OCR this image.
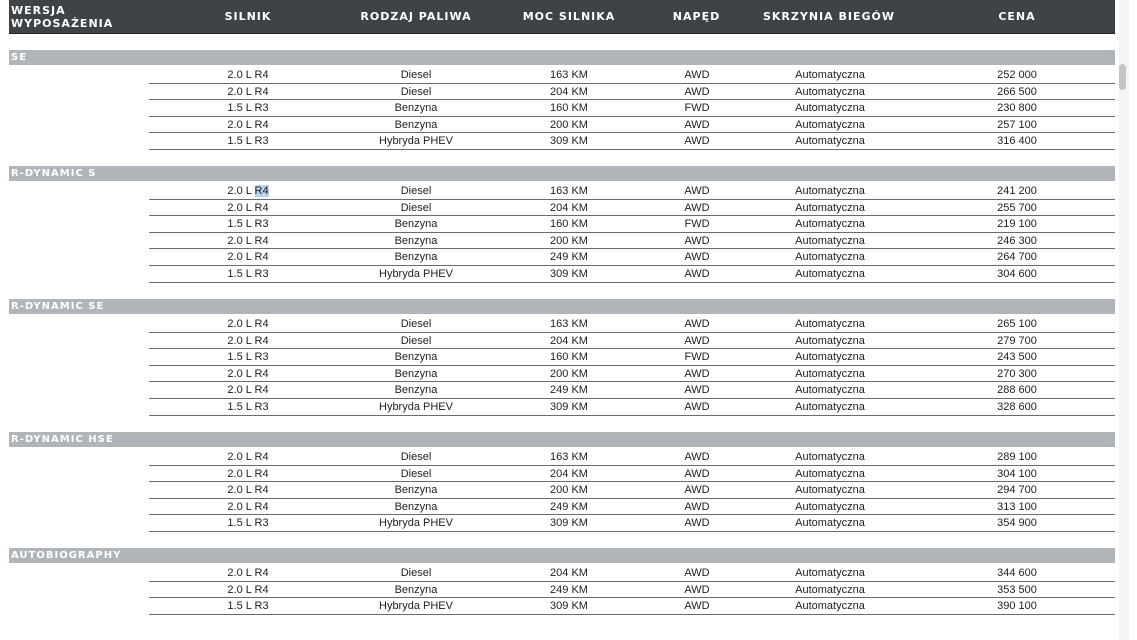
WERSJA WYPOSAŻENIA	SILNIK	RODZAJ PALIWA	MOC SILNIKA	NAPĘD	SKRZYNIA BIEGÓW	CENA
SE
2.0 L R4	Diesel	163 KM	AWD	Automatyczna	252 000
2.0 L R4	Diesel	204 KM	AWD	Automatyczna	266 500
1.5 L R3	Benzyna	160 KM	FWD	Automatyczna	230 800
2.0 L R4	Benzyna	200 KM	AWD	Automatyczna	257 100
1.5 L R3	Hybryda PHEV	309 KM	AWD	Automatyczna	316 400
R-DYNAMIC S
2.0 L R4	Diesel	163 KM	AWD	Automatyczna	241 200
2.0 L R4	Diesel	204 KM	AWD	Automatyczna	255 700
1.5 L R3	Benzyna	160 KM	FWD	Automatyczna	219 100
2.0 L R4	Benzyna	200 KM	AWD	Automatyczna	246 300
2.0 L R4	Benzyna	249 KM	AWD	Automatyczna	264 700
1.5 L R3	Hybryda PHEV	309 KM	AWD	Automatyczna	304 600
R-DYNAMIC SE
2.0 L R4	Diesel	163 KM	AWD	Automatyczna	265 100
2.0 L R4	Diesel	204 KM	AWD	Automatyczna	279 700
1.5 L R3	Benzyna	160 KM	FWD	Automatyczna	243 500
2.0 L R4	Benzyna	200 KM	AWD	Automatyczna	270 300
2.0 L R4	Benzyna	249 KM	AWD	Automatyczna	288 600
1.5 L R3	Hybryda PHEV	309 KM	AWD	Automatyczna	328 600
R-DYNAMIC HSE
2.0 L R4	Diesel	163 KM	AWD	Automatyczna	289 100
2.0 L R4	Diesel	204 KM	AWD	Automatyczna	304 100
2.0 L R4	Benzyna	200 KM	AWD	Automatyczna	294 700
2.0 L R4	Benzyna	249 KM	AWD	Automatyczna	313 100
1.5 L R3	Hybryda PHEV	309 KM	AWD	Automatyczna	354 900
AUTOBIOGRAPHY
2.0 L R4	Diesel	204 KM	AWD	Automatyczna	344 600
2.0 L R4	Benzyna	249 KM	AWD	Automatyczna	353 500
1.5 L R3	Hybryda PHEV	309 KM	AWD	Automatyczna	390 100
